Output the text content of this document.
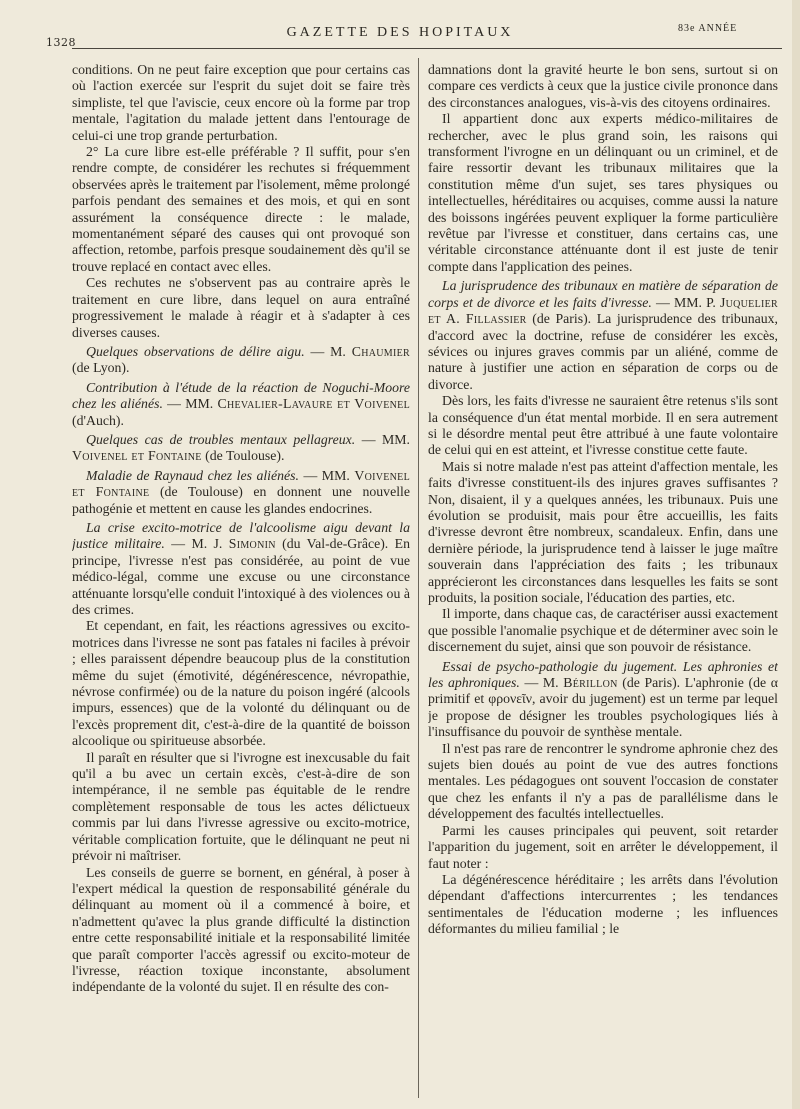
1328
GAZETTE DES HOPITAUX	83e ANNÉE

conditions. On ne peut faire exception que pour certains cas où l'action exercée sur l'esprit du sujet doit se faire très simpliste, tel que l'aviscie, ceux encore où la forme par trop mentale, l'agitation du malade jettent dans l'entourage de celui-ci une trop grande perturbation.

2° La cure libre est-elle préférable ? Il suffit, pour s'en rendre compte, de considérer les rechutes si fréquemment observées après le traitement par l'isolement, même prolongé parfois pendant des semaines et des mois, et qui en sont assurément la conséquence directe : le malade, momentanément séparé des causes qui ont provoqué son affection, retombe, parfois presque soudainement dès qu'il se trouve replacé en contact avec elles.

Ces rechutes ne s'observent pas au contraire après le traitement en cure libre, dans lequel on aura entraîné progressivement le malade à réagir et à s'adapter à ces diverses causes.

Quelques observations de délire aigu. — M. Chaumier (de Lyon).

Contribution à l'étude de la réaction de Noguchi-Moore chez les aliénés. — MM. Chevalier-Lavaure et Voivenel (d'Auch).

Quelques cas de troubles mentaux pellagreux. — MM. Voivenel et Fontaine (de Toulouse).

Maladie de Raynaud chez les aliénés. — MM. Voivenel et Fontaine (de Toulouse) en donnent une nouvelle pathogénie et mettent en cause les glandes endocrines.

La crise excito-motrice de l'alcoolisme aigu devant la justice militaire. — M. J. Simonin (du Val-de-Grâce). En principe, l'ivresse n'est pas considérée, au point de vue médico-légal, comme une excuse ou une circonstance atténuante lorsqu'elle conduit l'intoxiqué à des violences ou à des crimes.

Et cependant, en fait, les réactions agressives ou excito-motrices dans l'ivresse ne sont pas fatales ni faciles à prévoir ; elles paraissent dépendre beaucoup plus de la constitution même du sujet (émotivité, dégénérescence, névropathie, névrose confirmée) ou de la nature du poison ingéré (alcools impurs, essences) que de la volonté du délinquant ou de l'excès proprement dit, c'est-à-dire de la quantité de boisson alcoolique ou spiritueuse absorbée.

Il paraît en résulter que si l'ivrogne est inexcusable du fait qu'il a bu avec un certain excès, c'est-à-dire de son intempérance, il ne semble pas équitable de le rendre complètement responsable de tous les actes délictueux commis par lui dans l'ivresse agressive ou excito-motrice, véritable complication fortuite, que le délinquant ne peut ni prévoir ni maîtriser.

Les conseils de guerre se bornent, en général, à poser à l'expert médical la question de responsabilité générale du délinquant au moment où il a commencé à boire, et n'admettent qu'avec la plus grande difficulté la distinction entre cette responsabilité initiale et la responsabilité limitée que paraît comporter l'accès agressif ou excito-moteur de l'ivresse, réaction toxique inconstante, absolument indépendante de la volonté du sujet. Il en résulte des con-

damnations dont la gravité heurte le bon sens, surtout si on compare ces verdicts à ceux que la justice civile prononce dans des circonstances analogues, vis-à-vis des citoyens ordinaires.

Il appartient donc aux experts médico-militaires de rechercher, avec le plus grand soin, les raisons qui transforment l'ivrogne en un délinquant ou un criminel, et de faire ressortir devant les tribunaux militaires que la constitution même d'un sujet, ses tares physiques ou intellectuelles, héréditaires ou acquises, comme aussi la nature des boissons ingérées peuvent expliquer la forme particulière revêtue par l'ivresse et constituer, dans certains cas, une véritable circonstance atténuante dont il est juste de tenir compte dans l'application des peines.

La jurisprudence des tribunaux en matière de séparation de corps et de divorce et les faits d'ivresse. — MM. P. Juquelier et A. Fillassier (de Paris). La jurisprudence des tribunaux, d'accord avec la doctrine, refuse de considérer les excès, sévices ou injures graves commis par un aliéné, comme de nature à justifier une action en séparation de corps ou de divorce.

Dès lors, les faits d'ivresse ne sauraient être retenus s'ils sont la conséquence d'un état mental morbide. Il en sera autrement si le désordre mental peut être attribué à une faute volontaire de celui qui en est atteint, et l'ivresse constitue cette faute.

Mais si notre malade n'est pas atteint d'affection mentale, les faits d'ivresse constituent-ils des injures graves suffisantes ? Non, disaient, il y a quelques années, les tribunaux. Puis une évolution se produisit, mais pour être accueillis, les faits d'ivresse devront être nombreux, scandaleux. Enfin, dans une dernière période, la jurisprudence tend à laisser le juge maître souverain dans l'appréciation des faits ; les tribunaux apprécieront les circonstances dans lesquelles les faits se sont produits, la position sociale, l'éducation des parties, etc.

Il importe, dans chaque cas, de caractériser aussi exactement que possible l'anomalie psychique et de déterminer avec soin le discernement du sujet, ainsi que son pouvoir de résistance.

Essai de psycho-pathologie du jugement. Les aphronies et les aphroniques. — M. Bérillon (de Paris). L'aphronie (de α primitif et φρονεῖν, avoir du jugement) est un terme par lequel je propose de désigner les troubles psychologiques liés à l'insuffisance du pouvoir de synthèse mentale.

Il n'est pas rare de rencontrer le syndrome aphronie chez des sujets bien doués au point de vue des autres fonctions mentales. Les pédagogues ont souvent l'occasion de constater que chez les enfants il n'y a pas de parallélisme dans le développement des facultés intellectuelles.

Parmi les causes principales qui peuvent, soit retarder l'apparition du jugement, soit en arrêter le développement, il faut noter :

La dégénérescence héréditaire ; les arrêts dans l'évolution dépendant d'affections intercurrentes ; les tendances sentimentales de l'éducation moderne ; les influences déformantes du milieu familial ; le
